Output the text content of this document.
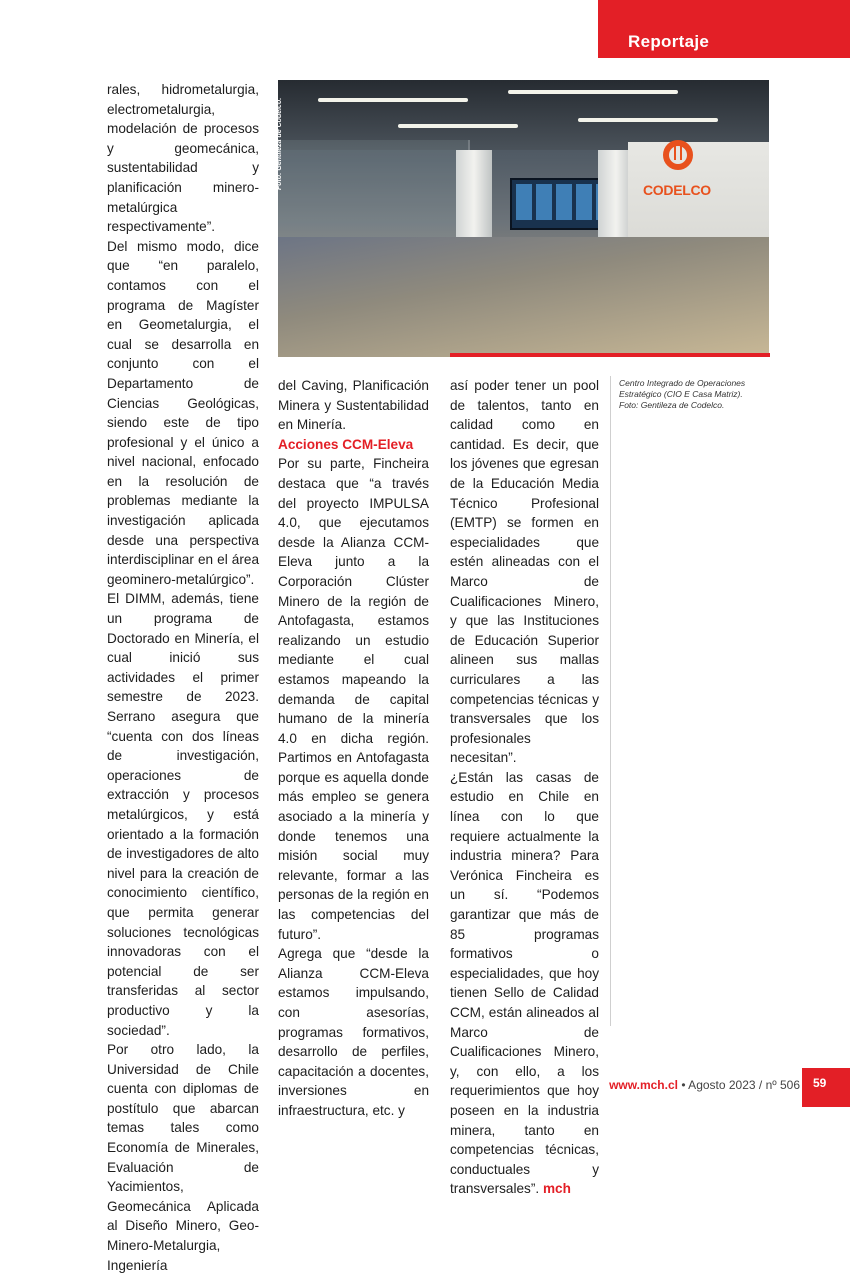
Reportaje
CODELCO
Foto: Gentileza de Codelco.

rales, hidrometalurgia, electrometalurgia, modelación de procesos y geomecánica, sustentabilidad y planificación minero-metalúrgica respectivamente”.

Del mismo modo, dice que “en paralelo, contamos con el programa de Magíster en Geometalurgia, el cual se desarrolla en conjunto con el Departamento de Ciencias Geológicas, siendo este de tipo profesional y el único a nivel nacional, enfocado en la resolución de problemas mediante la investigación aplicada desde una perspectiva interdisciplinar en el área geominero-metalúrgico”.

El DIMM, además, tiene un programa de Doctorado en Minería, el cual inició sus actividades el primer semestre de 2023. Serrano asegura que “cuenta con dos líneas de investigación, operaciones de extracción y procesos metalúrgicos, y está orientado a la formación de investigadores de alto nivel para la creación de conocimiento científico, que permita generar soluciones tecnológicas innovadoras con el potencial de ser transferidas al sector productivo y la sociedad”.

Por otro lado, la Universidad de Chile cuenta con diplomas de postítulo que abarcan temas tales como Economía de Minerales, Evaluación de Yacimientos, Geomecánica Aplicada al Diseño Minero, Geo-Minero-Metalurgia, Ingeniería

del Caving, Planificación Minera y Sustentabilidad en Minería.

Acciones CCM-Eleva

Por su parte, Fincheira destaca que “a través del proyecto IMPULSA 4.0, que ejecutamos desde la Alianza CCM-Eleva junto a la Corporación Clúster Minero de la región de Antofagasta, estamos realizando un estudio mediante el cual estamos mapeando la demanda de capital humano de la minería 4.0 en dicha región. Partimos en Antofagasta porque es aquella donde más empleo se genera asociado a la minería y donde tenemos una misión social muy relevante, formar a las personas de la región en las competencias del futuro”.

Agrega que “desde la Alianza CCM-Eleva estamos impulsando, con asesorías, programas formativos, desarrollo de perfiles, capacitación a docentes, inversiones en infraestructura, etc. y

así poder tener un pool de talentos, tanto en calidad como en cantidad. Es decir, que los jóvenes que egresan de la Educación Media Técnico Profesional (EMTP) se formen en especialidades que estén alineadas con el Marco de Cualificaciones Minero, y que las Instituciones de Educación Superior alineen sus mallas curriculares a las competencias técnicas y transversales que los profesionales necesitan”.

¿Están las casas de estudio en Chile en línea con lo que requiere actualmente la industria minera? Para Verónica Fincheira es un sí. “Podemos garantizar que más de 85 programas formativos o especialidades, que hoy tienen Sello de Calidad CCM, están alineados al Marco de Cualificaciones Minero, y, con ello, a los requerimientos que hoy poseen en la industria minera, tanto en competencias técnicas, conductuales y transversales”. mch

Centro Integrado de Operaciones Estratégico (CIO E Casa Matriz). Foto: Gentileza de Codelco.
www.mch.cl • Agosto 2023 / nº 506 59
